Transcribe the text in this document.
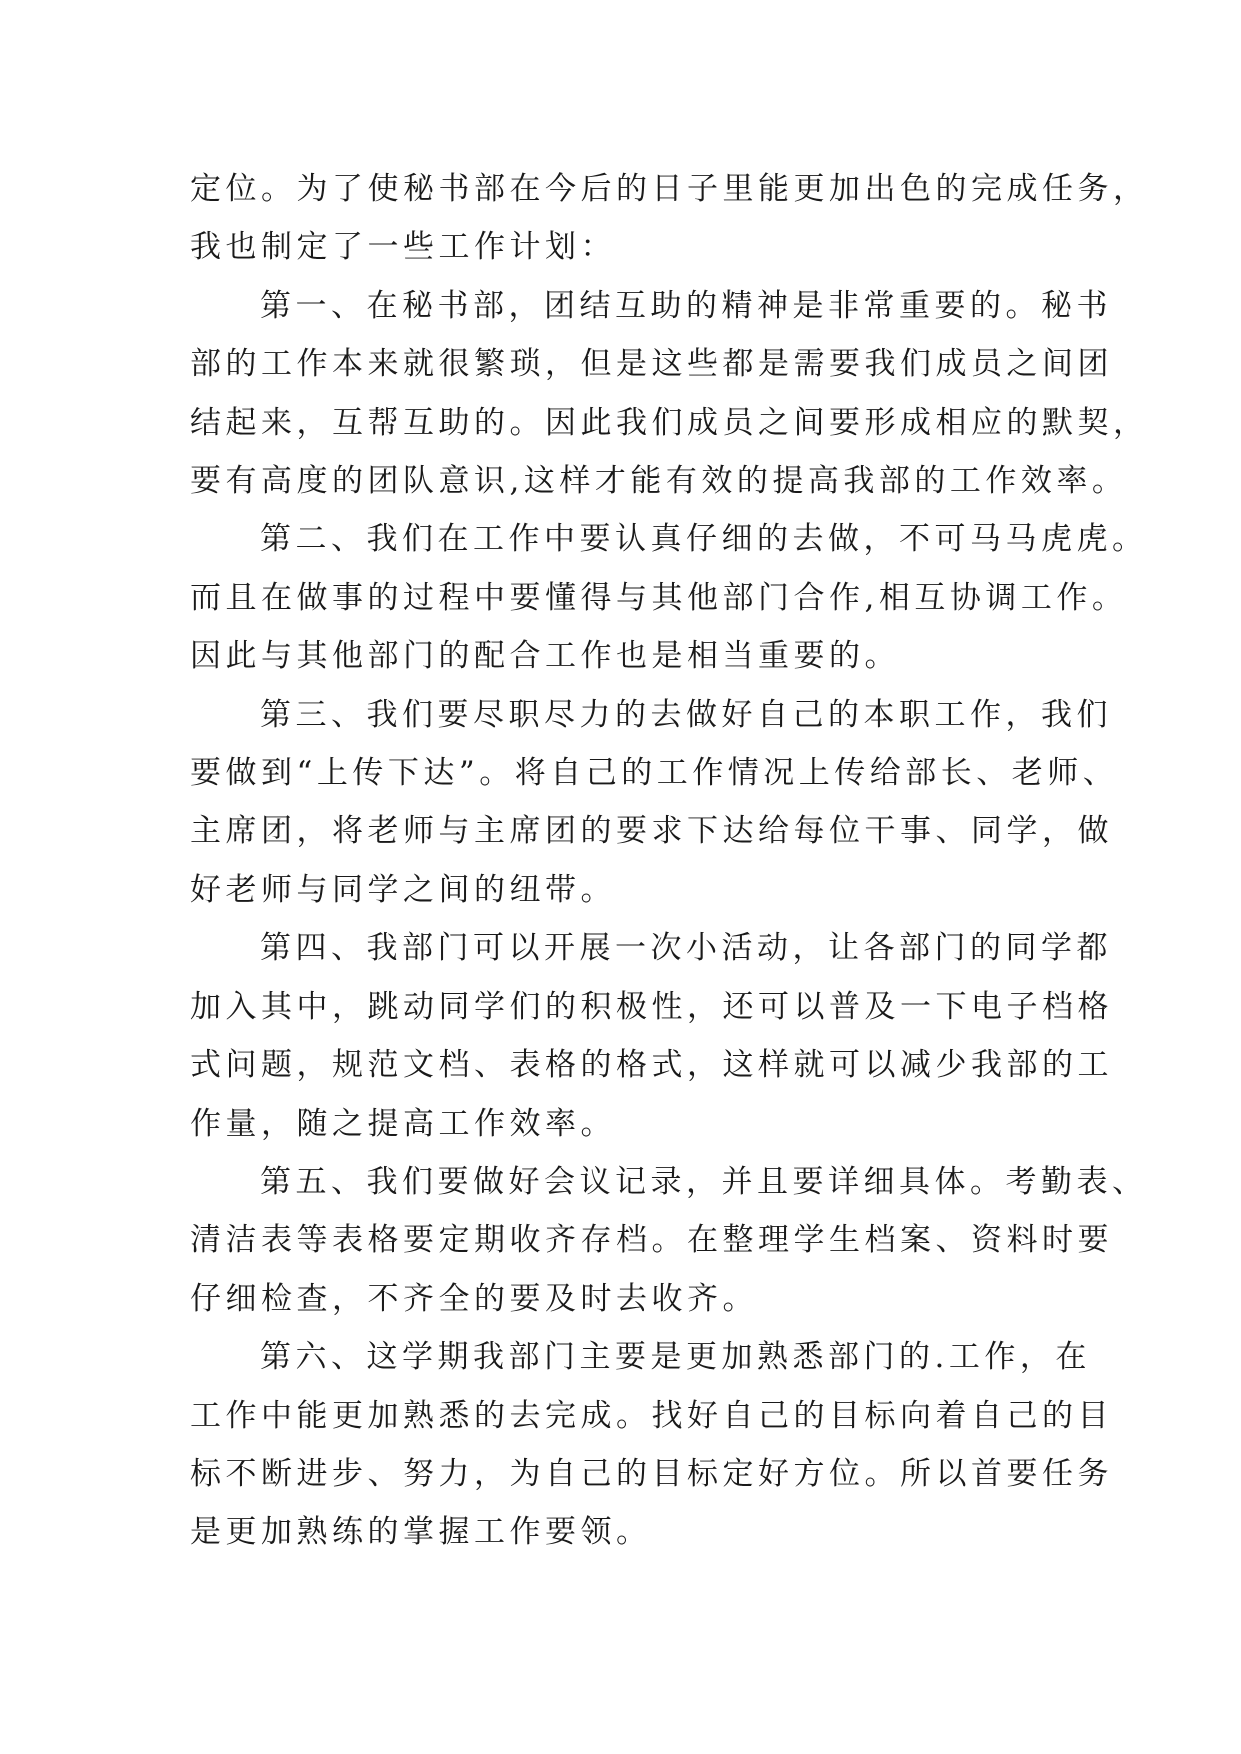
定位。为了使秘书部在今后的日子里能更加出色的完成任务，
我也制定了一些工作计划：

第一、在秘书部，团结互助的精神是非常重要的。秘书
部的工作本来就很繁琐，但是这些都是需要我们成员之间团
结起来，互帮互助的。因此我们成员之间要形成相应的默契，
要有高度的团队意识,这样才能有效的提高我部的工作效率。

第二、我们在工作中要认真仔细的去做，不可马马虎虎。
而且在做事的过程中要懂得与其他部门合作,相互协调工作。
因此与其他部门的配合工作也是相当重要的。

第三、我们要尽职尽力的去做好自己的本职工作，我们
要做到“上传下达”。将自己的工作情况上传给部长、老师、
主席团，将老师与主席团的要求下达给每位干事、同学，做
好老师与同学之间的纽带。

第四、我部门可以开展一次小活动，让各部门的同学都
加入其中，跳动同学们的积极性，还可以普及一下电子档格
式问题，规范文档、表格的格式，这样就可以减少我部的工
作量，随之提高工作效率。

第五、我们要做好会议记录，并且要详细具体。考勤表、
清洁表等表格要定期收齐存档。在整理学生档案、资料时要
仔细检查，不齐全的要及时去收齐。

第六、这学期我部门主要是更加熟悉部门的.工作，在
工作中能更加熟悉的去完成。找好自己的目标向着自己的目
标不断进步、努力，为自己的目标定好方位。所以首要任务
是更加熟练的掌握工作要领。
